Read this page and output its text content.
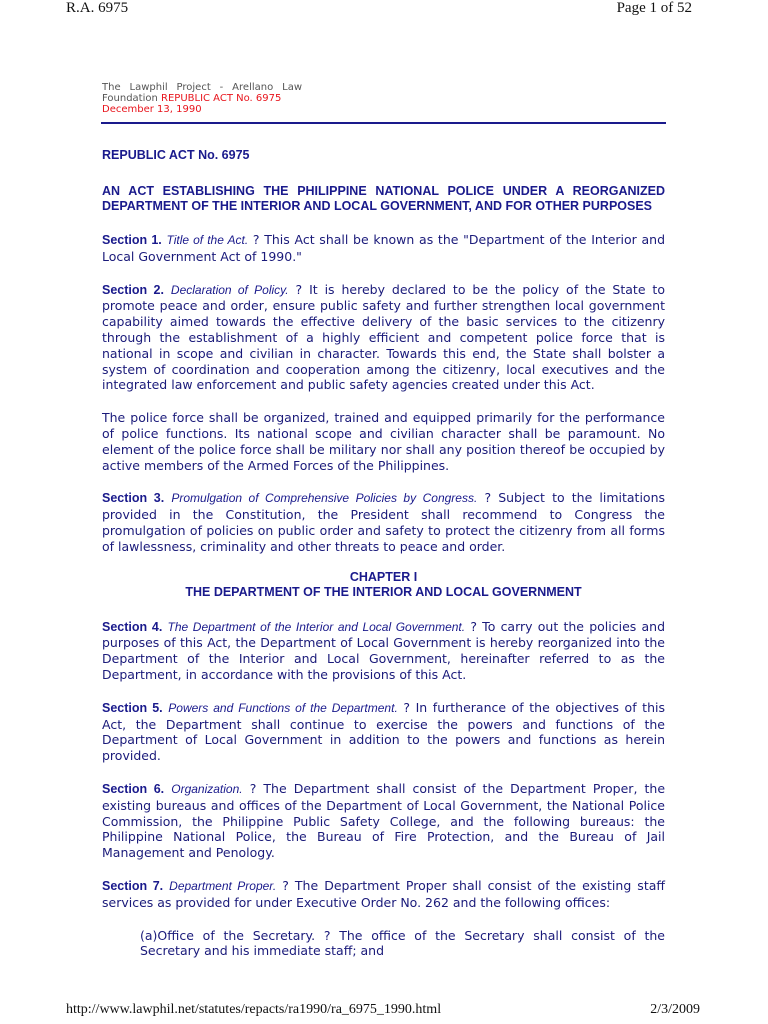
R.A. 6975	Page 1 of 52
The Lawphil Project - Arellano Law Foundation REPUBLIC ACT No. 6975
December 13, 1990
REPUBLIC ACT No. 6975
AN ACT ESTABLISHING THE PHILIPPINE NATIONAL POLICE UNDER A REORGANIZED DEPARTMENT OF THE INTERIOR AND LOCAL GOVERNMENT, AND FOR OTHER PURPOSES

Section 1. Title of the Act. ? This Act shall be known as the "Department of the Interior and Local Government Act of 1990."

Section 2. Declaration of Policy. ? It is hereby declared to be the policy of the State to promote peace and order, ensure public safety and further strengthen local government capability aimed towards the effective delivery of the basic services to the citizenry through the establishment of a highly efficient and competent police force that is national in scope and civilian in character. Towards this end, the State shall bolster a system of coordination and cooperation among the citizenry, local executives and the integrated law enforcement and public safety agencies created under this Act.

The police force shall be organized, trained and equipped primarily for the performance of police functions. Its national scope and civilian character shall be paramount. No element of the police force shall be military nor shall any position thereof be occupied by active members of the Armed Forces of the Philippines.

Section 3. Promulgation of Comprehensive Policies by Congress. ? Subject to the limitations provided in the Constitution, the President shall recommend to Congress the promulgation of policies on public order and safety to protect the citizenry from all forms of lawlessness, criminality and other threats to peace and order.

CHAPTER I
THE DEPARTMENT OF THE INTERIOR AND LOCAL GOVERNMENT

Section 4. The Department of the Interior and Local Government. ? To carry out the policies and purposes of this Act, the Department of Local Government is hereby reorganized into the Department of the Interior and Local Government, hereinafter referred to as the Department, in accordance with the provisions of this Act.

Section 5. Powers and Functions of the Department. ? In furtherance of the objectives of this Act, the Department shall continue to exercise the powers and functions of the Department of Local Government in addition to the powers and functions as herein provided.

Section 6. Organization. ? The Department shall consist of the Department Proper, the existing bureaus and offices of the Department of Local Government, the National Police Commission, the Philippine Public Safety College, and the following bureaus: the Philippine National Police, the Bureau of Fire Protection, and the Bureau of Jail Management and Penology.

Section 7. Department Proper. ? The Department Proper shall consist of the existing staff services as provided for under Executive Order No. 262 and the following offices:

(a)Office of the Secretary. ? The office of the Secretary shall consist of the Secretary and his immediate staff; and

http://www.lawphil.net/statutes/repacts/ra1990/ra_6975_1990.html	2/3/2009
